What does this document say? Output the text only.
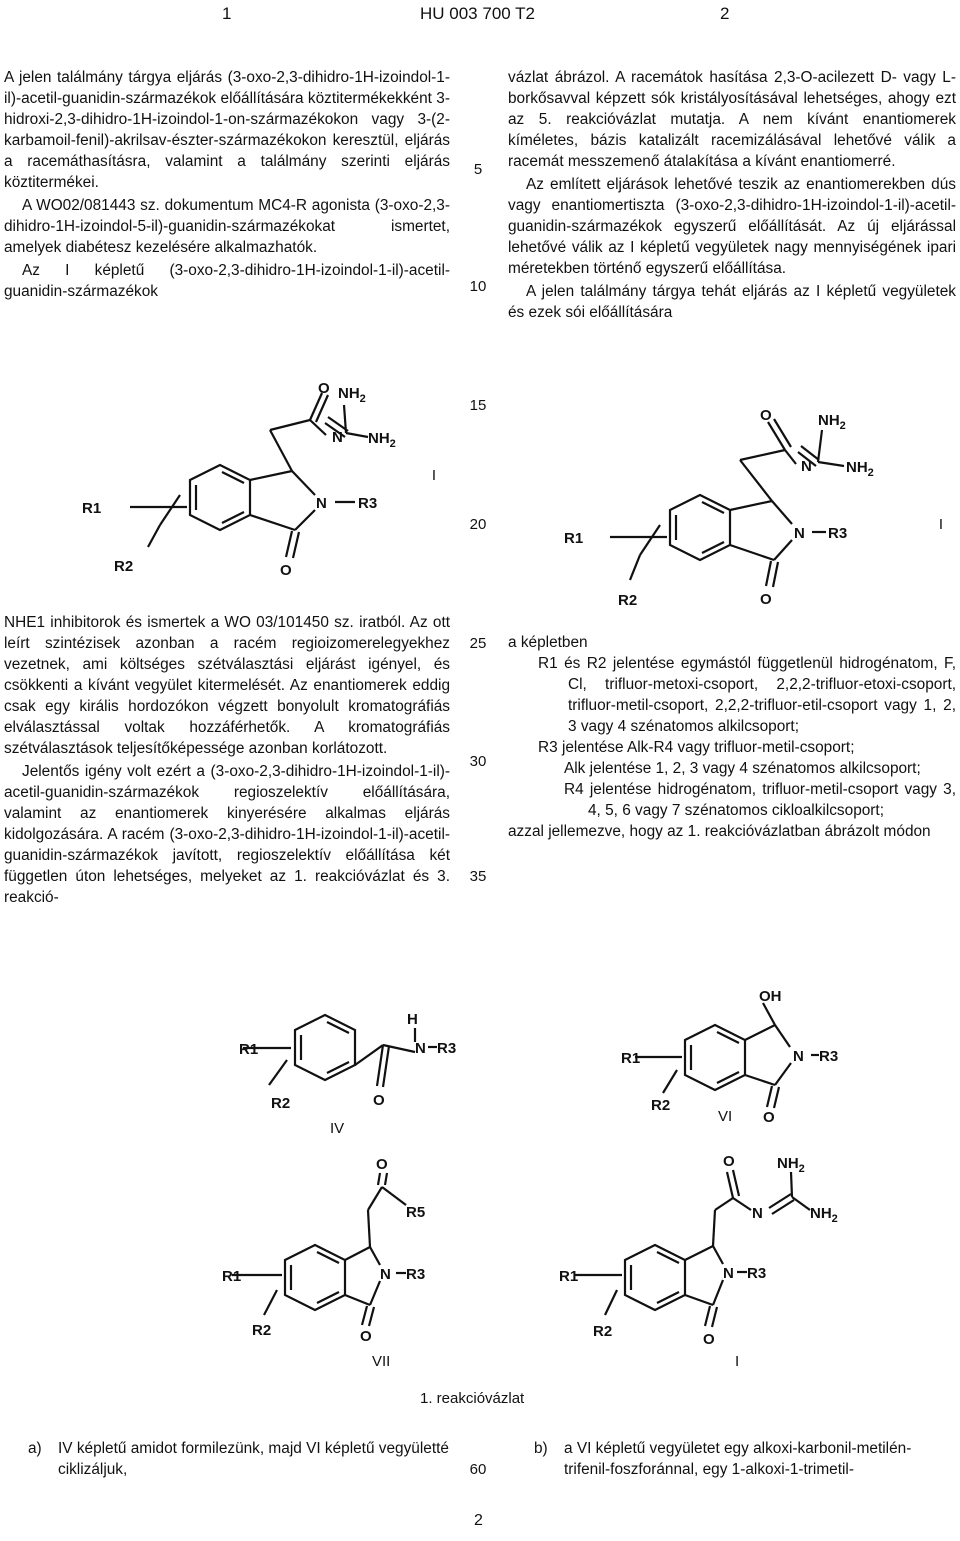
1	HU 003 700 T2	2

A jelen találmány tárgya eljárás (3-oxo-2,3-dihidro-1H-izoindol-1-il)-acetil-guanidin-származékok előállítására köztitermékekként 3-hidroxi-2,3-dihidro-1H-izoindol-1-on-származékokon vagy 3-(2-karbamoil-fenil)-akrilsav-észter-származékokon keresztül, eljárás a racemáthasításra, valamint a találmány szerinti eljárás köztitermékei.

A WO02/081443 sz. dokumentum MC4-R agonista (3-oxo-2,3-dihidro-1H-izoindol-5-il)-guanidin-származékokat ismertet, amelyek diabétesz kezelésére alkalmazhatók.

Az I képletű (3-oxo-2,3-dihidro-1H-izoindol-1-il)-acetil-guanidin-származékok

O $NH_2$
N $NH_2$
N R3
O
R1
R2

NHE1 inhibitorok és ismertek a WO 03/101450 sz. iratból. Az ott leírt szintézisek azonban a racém regioizomerelegyekhez vezetnek, ami költséges szétválasztási eljárást igényel, és csökkenti a kívánt vegyület kitermelését. Az enantiomerek eddig csak egy királis hordozókon végzett bonyolult kromatográfiás elválasztással voltak hozzáférhetők. A kromatográfiás szétválasztások teljesítőképessége azonban korlátozott.

Jelentős igény volt ezért a (3-oxo-2,3-dihidro-1H-izoindol-1-il)-acetil-guanidin-származékok regioszelektív előállítására, valamint az enantiomerek kinyerésére alkalmas eljárás kidolgozására. A racém (3-oxo-2,3-dihidro-1H-izoindol-1-il)-acetil-guanidin-származékok javított, regioszelektív előállítása két független úton lehetséges, melyeket az 1. reakcióvázlat és 3. reakció-

5
10
15
I
20
25
30
35

vázlat ábrázol. A racemátok hasítása 2,3-O-acilezett D- vagy L-borkősavval képzett sók kristályosításával lehetséges, ahogy ezt az 5. reakcióvázlat mutatja. A nem kívánt enantiomerek kíméletes, bázis katalizált racemizálásával lehetővé válik a racemát messzemenő átalakítása a kívánt enantiomerré.

Az említett eljárások lehetővé teszik az enantiomerekben dús vagy enantiomertiszta (3-oxo-2,3-dihidro-1H-izoindol-1-il)-acetil-guanidin-származékok egyszerű előállítását. Az új eljárással lehetővé válik az I képletű vegyületek nagy mennyiségének ipari méretekben történő egyszerű előállítása.

A jelen találmány tárgya tehát eljárás az I képletű vegyületek és ezek sói előállítására

O	$NH_2$
N $NH_2$
N R3
O
R1
R2
I
a képletben
R1 és R2 jelentése egymástól függetlenül hidrogénatom, F, Cl, trifluor-metoxi-csoport, 2,2,2-trifluor-etoxi-csoport, trifluor-metil-csoport, 2,2,2-trifluor-etil-csoport vagy 1, 2, 3 vagy 4 szénatomos alkilcsoport;
R3 jelentése Alk-R4 vagy trifluor-metil-csoport;
Alk jelentése 1, 2, 3 vagy 4 szénatomos alkilcsoport;
R4 jelentése hidrogénatom, trifluor-metil-csoport vagy 3, 4, 5, 6 vagy 7 szénatomos cikloalkilcsoport;
azzal jellemezve, hogy az 1. reakcióvázlatban ábrázolt módon
H
N R3
O
R1
R2
IV
OH
N R3
O
R1
R2
VI
O
R5
N R3
O
R1
R2
VII
O	$NH_2$
N	$NH_2$
N R3
O
R1
R2
I
1. reakcióvázlat
a)	IV képletű amidot formilezünk, majd VI képletű vegyületté ciklizáljuk,	60
b)	a VI képletű vegyületet egy alkoxi-karbonil-metilén-trifenil-foszforánnal, egy 1-alkoxi-1-trimetil-
2
